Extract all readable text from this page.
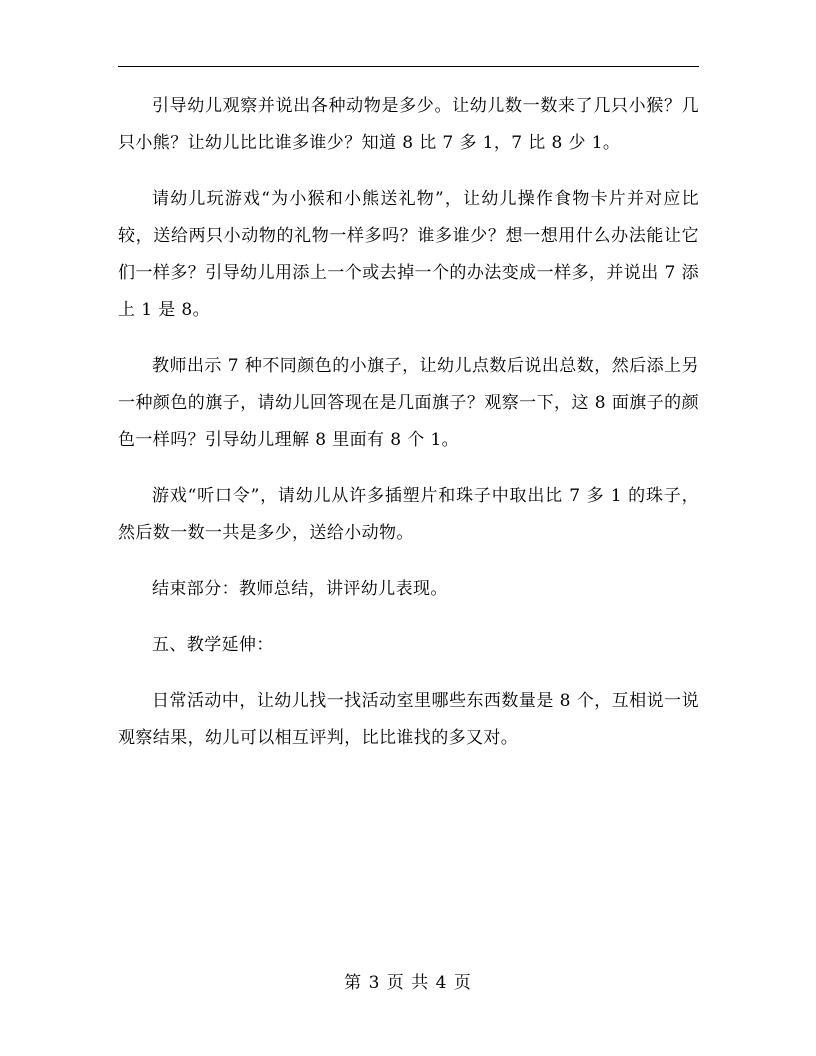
引导幼儿观察并说出各种动物是多少。让幼儿数一数来了几只小猴？几只小熊？让幼儿比比谁多谁少？知道 8 比 7 多 1，7 比 8 少 1。

请幼儿玩游戏“为小猴和小熊送礼物”，让幼儿操作食物卡片并对应比较，送给两只小动物的礼物一样多吗？谁多谁少？想一想用什么办法能让它们一样多？引导幼儿用添上一个或去掉一个的办法变成一样多，并说出 7 添上 1 是 8。

教师出示 7 种不同颜色的小旗子，让幼儿点数后说出总数，然后添上另一种颜色的旗子，请幼儿回答现在是几面旗子？观察一下，这 8 面旗子的颜色一样吗？引导幼儿理解 8 里面有 8 个 1。

游戏“听口令”，请幼儿从许多插塑片和珠子中取出比 7 多 1 的珠子，然后数一数一共是多少，送给小动物。

结束部分：教师总结，讲评幼儿表现。

五、教学延伸：

日常活动中，让幼儿找一找活动室里哪些东西数量是 8 个，互相说一说观察结果，幼儿可以相互评判，比比谁找的多又对。

第 3 页 共 4 页
